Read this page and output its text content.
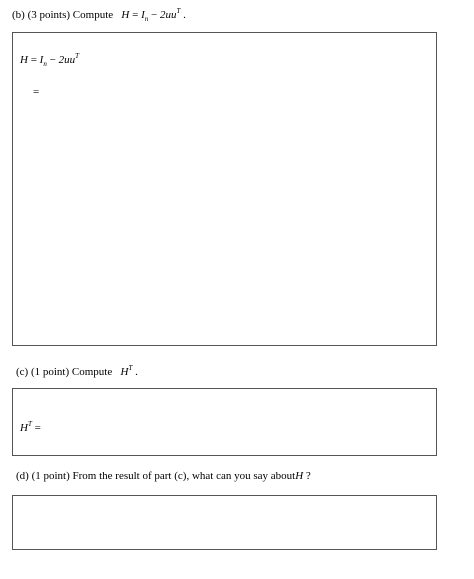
(b) (3 points) Compute $H = I_n - 2uu^T$ .
$H = I_n - 2uu^T$
=
(c) (1 point) Compute $H^T$ .
$H^T$ =
(d) (1 point) From the result of part (c), what can you say aboutH ?
